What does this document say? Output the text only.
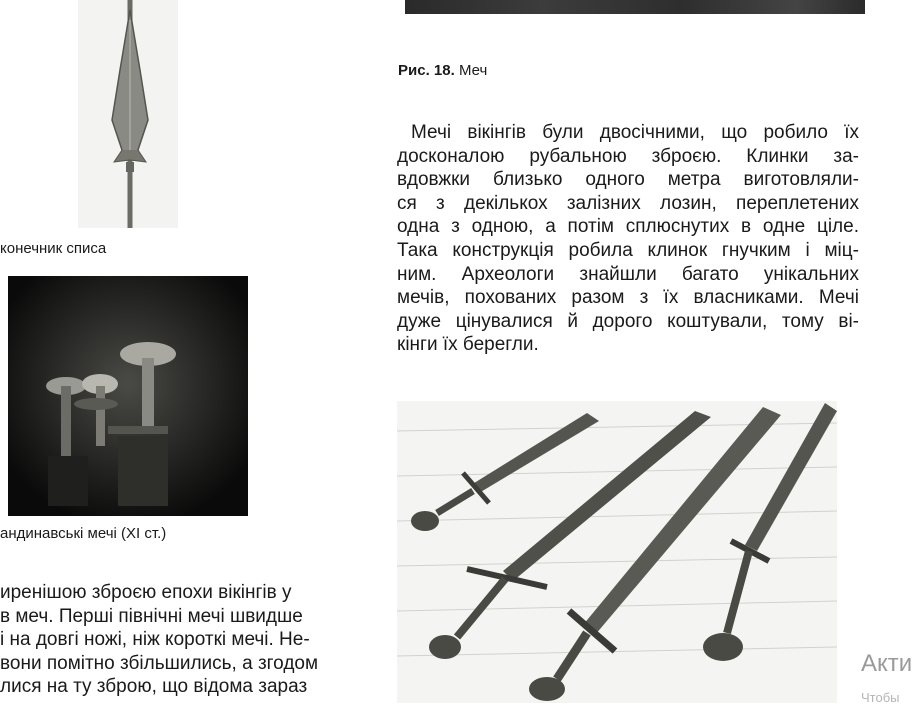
конечник списа
андинавські мечі (XI ст.)
Рис. 18. Меч
Мечі вікінгів були двосічними, що робило їх
досконалою рубальною зброєю. Клинки за-
вдовжки близько одного метра виготовляли-
ся з декількох залізних лозин, переплетених
одна з одною, а потім сплюснутих в одне ціле.
Така конструкція робила клинок гнучким і міц-
ним. Археологи знайшли багато унікальних
мечів, похованих разом з їх власниками. Мечі
дуже цінувалися й дорого коштували, тому ві-
кінги їх берегли.
иренішою зброєю епохи вікінгів у
в меч. Перші північні мечі швидше
і на довгі ножі, ніж короткі мечі. Не-
вони помітно збільшились, а згодом
лися на ту зброю, що відома зараз
Акти
Чтобы
